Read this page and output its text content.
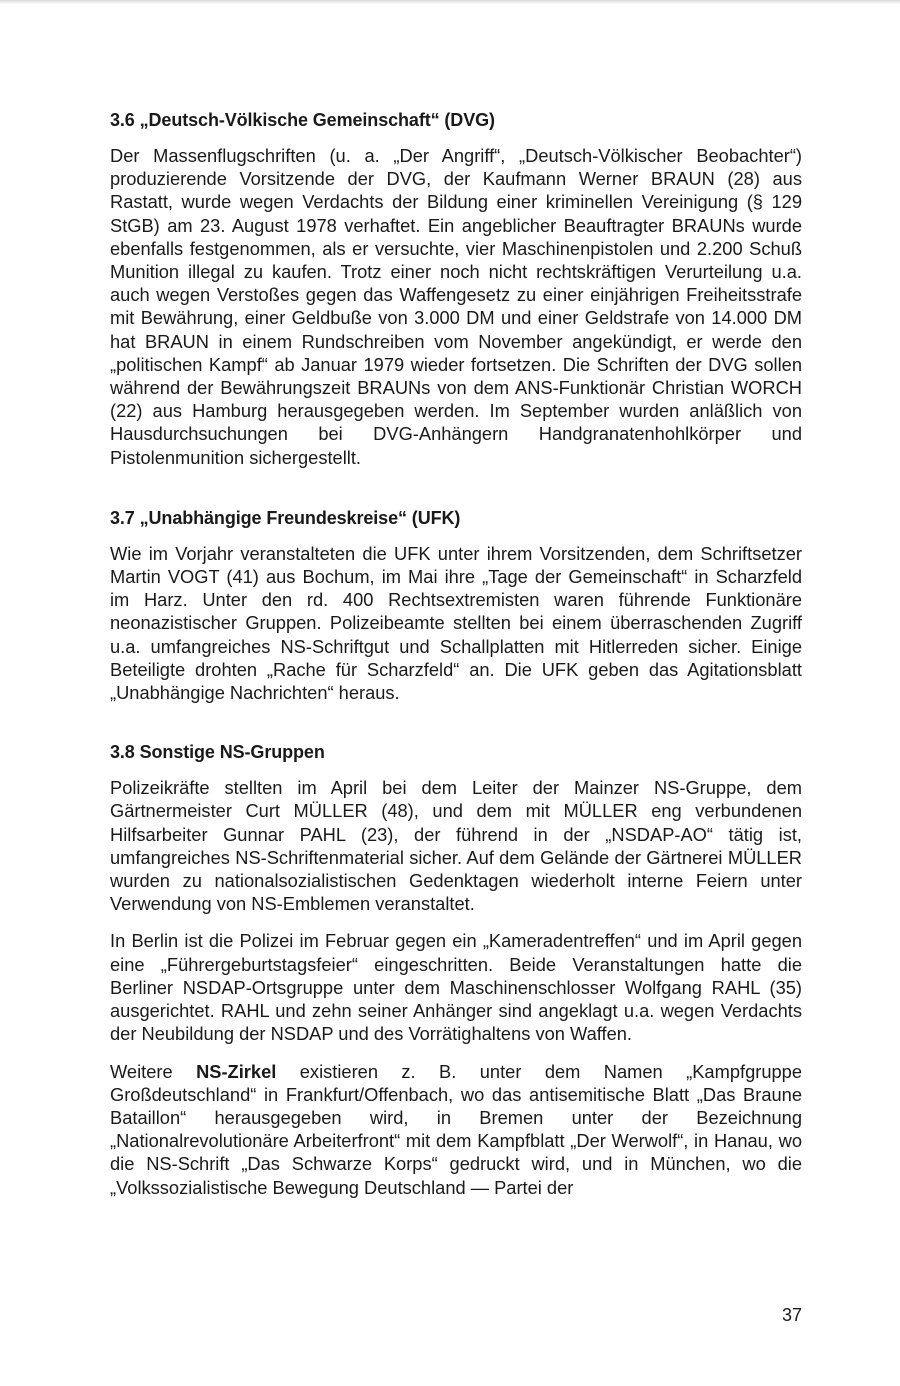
3.6 „Deutsch-Völkische Gemeinschaft“ (DVG)

Der Massenflugschriften (u. a. „Der Angriff“, „Deutsch-Völkischer Beobachter“) produzierende Vorsitzende der DVG, der Kaufmann Werner BRAUN (28) aus Rastatt, wurde wegen Verdachts der Bildung einer kriminellen Vereinigung (§ 129 StGB) am 23. August 1978 verhaftet. Ein angeblicher Beauftragter BRAUNs wurde ebenfalls festgenommen, als er versuchte, vier Maschinenpistolen und 2.200 Schuß Munition illegal zu kaufen. Trotz einer noch nicht rechtskräftigen Verurteilung u.a. auch wegen Verstoßes gegen das Waffengesetz zu einer einjährigen Freiheitsstrafe mit Bewährung, einer Geldbuße von 3.000 DM und einer Geldstrafe von 14.000 DM hat BRAUN in einem Rundschreiben vom November angekündigt, er werde den „politischen Kampf“ ab Januar 1979 wieder fortsetzen. Die Schriften der DVG sollen während der Bewährungszeit BRAUNs von dem ANS-Funktionär Christian WORCH (22) aus Hamburg herausgegeben werden. Im September wurden anläßlich von Hausdurchsuchungen bei DVG-Anhängern Handgranatenhohlkörper und Pistolenmunition sichergestellt.

3.7 „Unabhängige Freundeskreise“ (UFK)

Wie im Vorjahr veranstalteten die UFK unter ihrem Vorsitzenden, dem Schriftsetzer Martin VOGT (41) aus Bochum, im Mai ihre „Tage der Gemeinschaft“ in Scharzfeld im Harz. Unter den rd. 400 Rechtsextremisten waren führende Funktionäre neonazistischer Gruppen. Polizeibeamte stellten bei einem überraschenden Zugriff u.a. umfangreiches NS-Schriftgut und Schallplatten mit Hitlerreden sicher. Einige Beteiligte drohten „Rache für Scharzfeld“ an. Die UFK geben das Agitationsblatt „Unabhängige Nachrichten“ heraus.

3.8 Sonstige NS-Gruppen

Polizeikräfte stellten im April bei dem Leiter der Mainzer NS-Gruppe, dem Gärtnermeister Curt MÜLLER (48), und dem mit MÜLLER eng verbundenen Hilfsarbeiter Gunnar PAHL (23), der führend in der „NSDAP-AO“ tätig ist, umfangreiches NS-Schriftenmaterial sicher. Auf dem Gelände der Gärtnerei MÜLLER wurden zu nationalsozialistischen Gedenktagen wiederholt interne Feiern unter Verwendung von NS-Emblemen veranstaltet.

In Berlin ist die Polizei im Februar gegen ein „Kameradentreffen“ und im April gegen eine „Führergeburtstagsfeier“ eingeschritten. Beide Veranstaltungen hatte die Berliner NSDAP-Ortsgruppe unter dem Maschinenschlosser Wolfgang RAHL (35) ausgerichtet. RAHL und zehn seiner Anhänger sind angeklagt u.a. wegen Verdachts der Neubildung der NSDAP und des Vorrätighaltens von Waffen.

Weitere NS-Zirkel existieren z. B. unter dem Namen „Kampfgruppe Großdeutschland“ in Frankfurt/Offenbach, wo das antisemitische Blatt „Das Braune Bataillon“ herausgegeben wird, in Bremen unter der Bezeichnung „Nationalrevolutionäre Arbeiterfront“ mit dem Kampfblatt „Der Werwolf“, in Hanau, wo die NS-Schrift „Das Schwarze Korps“ gedruckt wird, und in München, wo die „Volkssozialistische Bewegung Deutschland — Partei der

37
